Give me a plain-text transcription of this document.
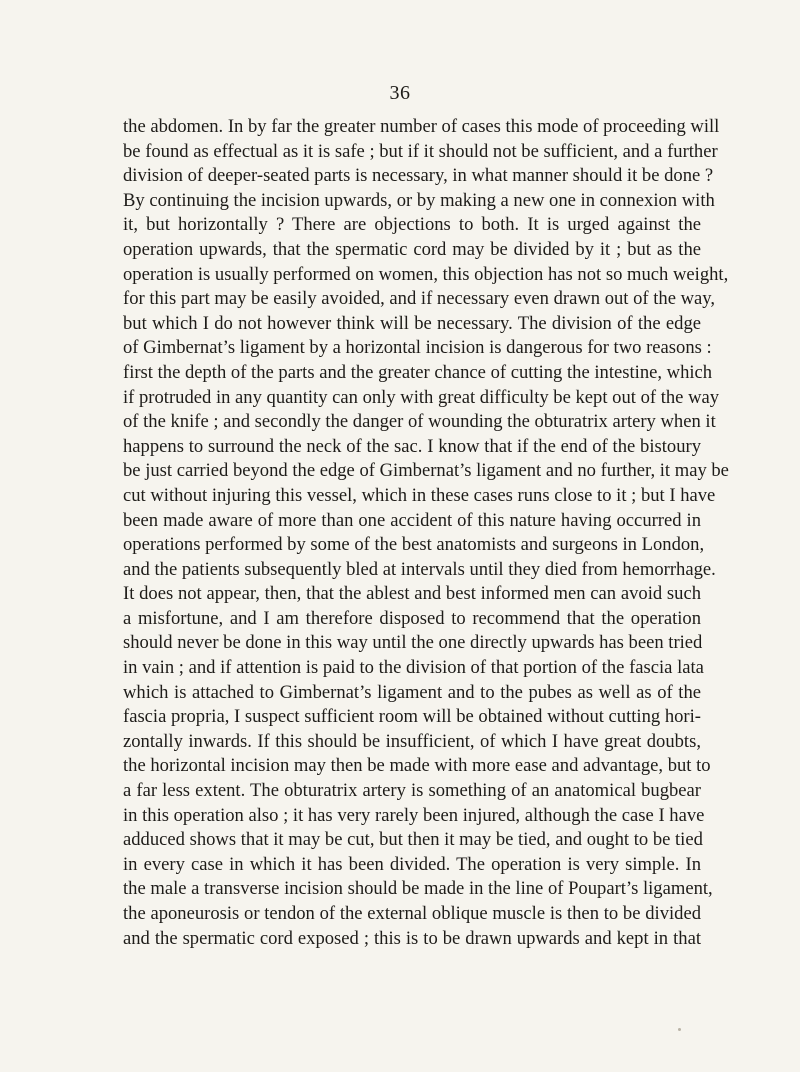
36
the abdomen. In by far the greater number of cases this mode of proceeding will
be found as effectual as it is safe ; but if it should not be sufficient, and a further
division of deeper-seated parts is necessary, in what manner should it be done ?
By continuing the incision upwards, or by making a new one in connexion with
it, but horizontally ? There are objections to both. It is urged against the
operation upwards, that the spermatic cord may be divided by it ; but as the
operation is usually performed on women, this objection has not so much weight,
for this part may be easily avoided, and if necessary even drawn out of the way,
but which I do not however think will be necessary. The division of the edge
of Gimbernat’s ligament by a horizontal incision is dangerous for two reasons :
first the depth of the parts and the greater chance of cutting the intestine, which
if protruded in any quantity can only with great difficulty be kept out of the way
of the knife ; and secondly the danger of wounding the obturatrix artery when it
happens to surround the neck of the sac. I know that if the end of the bistoury
be just carried beyond the edge of Gimbernat’s ligament and no further, it may be
cut without injuring this vessel, which in these cases runs close to it ; but I have
been made aware of more than one accident of this nature having occurred in
operations performed by some of the best anatomists and surgeons in London,
and the patients subsequently bled at intervals until they died from hemorrhage.
It does not appear, then, that the ablest and best informed men can avoid such
a misfortune, and I am therefore disposed to recommend that the operation
should never be done in this way until the one directly upwards has been tried
in vain ; and if attention is paid to the division of that portion of the fascia lata
which is attached to Gimbernat’s ligament and to the pubes as well as of the
fascia propria, I suspect sufficient room will be obtained without cutting hori-
zontally inwards. If this should be insufficient, of which I have great doubts,
the horizontal incision may then be made with more ease and advantage, but to
a far less extent. The obturatrix artery is something of an anatomical bugbear
in this operation also ; it has very rarely been injured, although the case I have
adduced shows that it may be cut, but then it may be tied, and ought to be tied
in every case in which it has been divided. The operation is very simple. In
the male a transverse incision should be made in the line of Poupart’s ligament,
the aponeurosis or tendon of the external oblique muscle is then to be divided
and the spermatic cord exposed ; this is to be drawn upwards and kept in that
